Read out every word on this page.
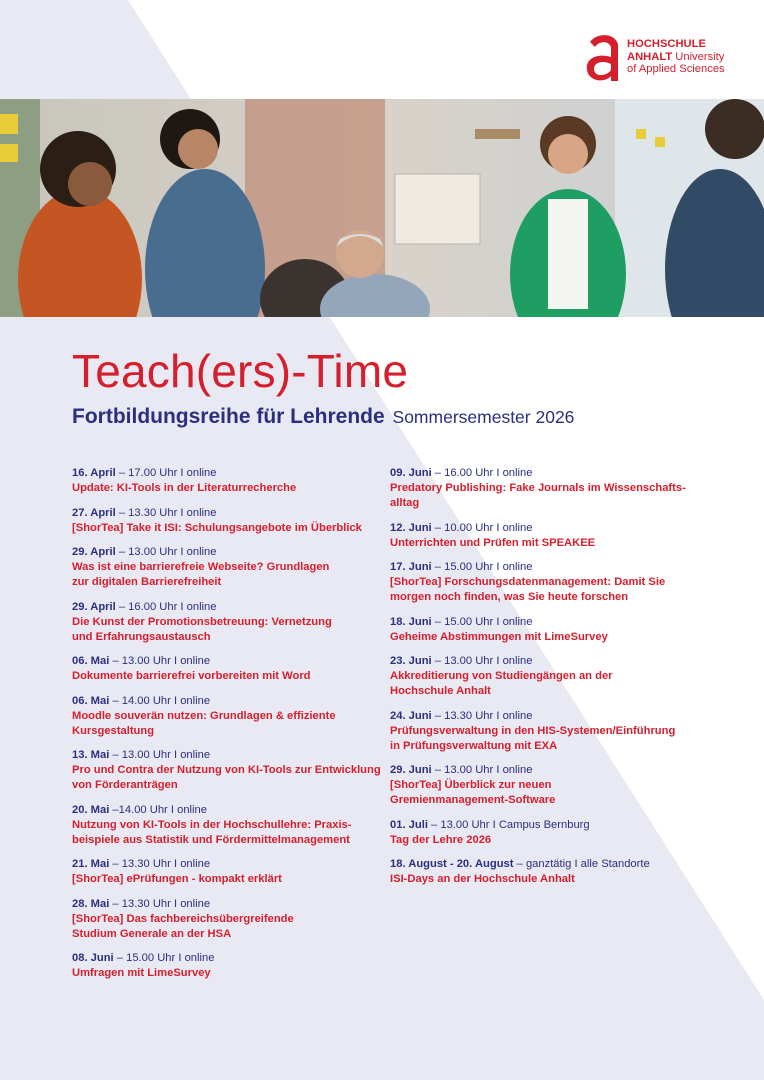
HOCHSCHULE
ANHALT University
of Applied Sciences
Teach(ers)-Time
Fortbildungsreihe für Lehrende Sommersemester 2026
16. April – 17.00 Uhr I online
Update: KI-Tools in der Literaturrecherche
27. April – 13.30 Uhr I online
[ShorTea] Take it ISI: Schulungsangebote im Überblick
29. April – 13.00 Uhr I online
Was ist eine barrierefreie Webseite? Grundlagen
zur digitalen Barrierefreiheit
29. April – 16.00 Uhr I online
Die Kunst der Promotionsbetreuung: Vernetzung
und Erfahrungsaustausch
06. Mai – 13.00 Uhr I online
Dokumente barrierefrei vorbereiten mit Word
06. Mai – 14.00 Uhr I online
Moodle souverän nutzen: Grundlagen & effiziente
Kursgestaltung
13. Mai – 13.00 Uhr I online
Pro und Contra der Nutzung von KI-Tools zur Entwicklung
von Förderanträgen
20. Mai –14.00 Uhr I online
Nutzung von KI-Tools in der Hochschullehre: Praxis-
beispiele aus Statistik und Fördermittelmanagement
21. Mai – 13.30 Uhr I online
[ShorTea] ePrüfungen - kompakt erklärt
28. Mai – 13.30 Uhr I online
[ShorTea] Das fachbereichsübergreifende
Studium Generale an der HSA
08. Juni – 15.00 Uhr I online
Umfragen mit LimeSurvey
09. Juni – 16.00 Uhr I online
Predatory Publishing: Fake Journals im Wissenschafts-
alltag
12. Juni – 10.00 Uhr I online
Unterrichten und Prüfen mit SPEAKEE
17. Juni – 15.00 Uhr I online
[ShorTea] Forschungsdatenmanagement: Damit Sie
morgen noch finden, was Sie heute forschen
18. Juni – 15.00 Uhr I online
Geheime Abstimmungen mit LimeSurvey
23. Juni – 13.00 Uhr I online
Akkreditierung von Studiengängen an der
Hochschule Anhalt
24. Juni – 13.30 Uhr I online
Prüfungsverwaltung in den HIS-Systemen/Einführung
in Prüfungsverwaltung mit EXA
29. Juni – 13.00 Uhr I online
[ShorTea] Überblick zur neuen
Gremienmanagement-Software
01. Juli – 13.00 Uhr I Campus Bernburg
Tag der Lehre 2026
18. August - 20. August – ganztätig I alle Standorte
ISI-Days an der Hochschule Anhalt
